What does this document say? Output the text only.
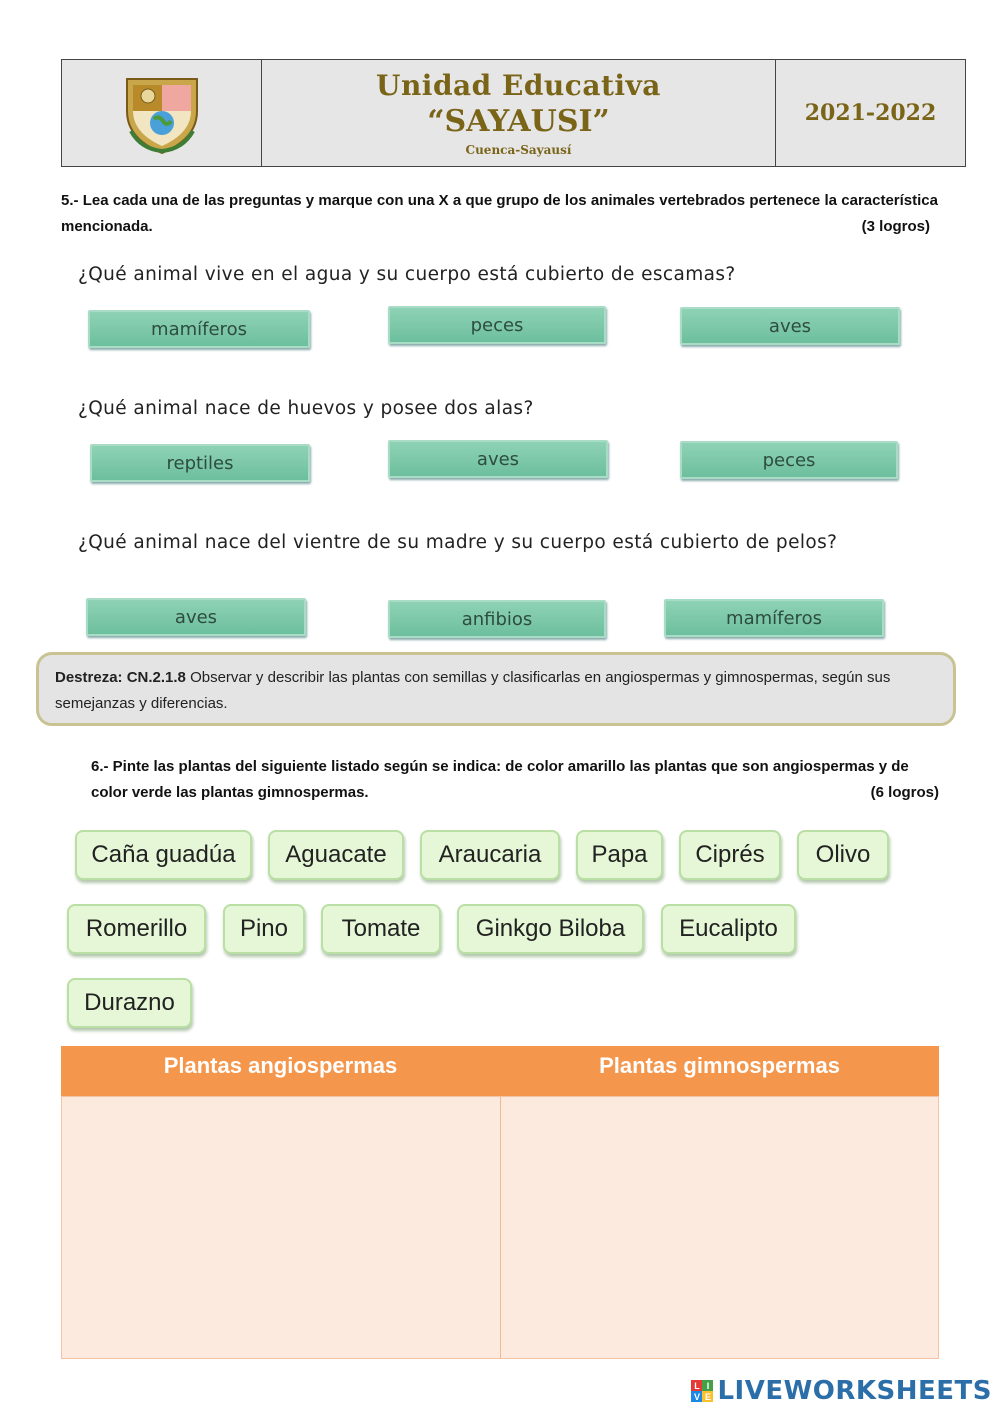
Unidad Educativa
“SAYAUSI”
Cuenca-Sayausí
2021-2022
5.- Lea cada una de las preguntas y marque con una X a que grupo de los animales vertebrados pertenece la característica mencionada.	(3 logros)
¿Qué animal vive en el agua y su cuerpo está cubierto de escamas?
mamíferos	peces	aves
¿Qué animal nace de huevos y posee dos alas?
reptiles	aves	peces
¿Qué animal nace del vientre de su madre y su cuerpo está cubierto de pelos?
aves	anfibios	mamíferos
Destreza: CN.2.1.8 Observar y describir las plantas con semillas y clasificarlas en angiospermas y gimnospermas, según sus semejanzas y diferencias.
6.- Pinte las plantas del siguiente listado según se indica: de color amarillo las plantas que son angiospermas y de color verde las plantas gimnospermas.	(6 logros)
Caña guadúa	Aguacate	Araucaria	Papa	Ciprés	Olivo
Romerillo	Pino	Tomate	Ginkgo Biloba	Eucalipto
Durazno
Plantas angiospermas	Plantas gimnospermas
L I
V E LIVEWORKSHEETS
